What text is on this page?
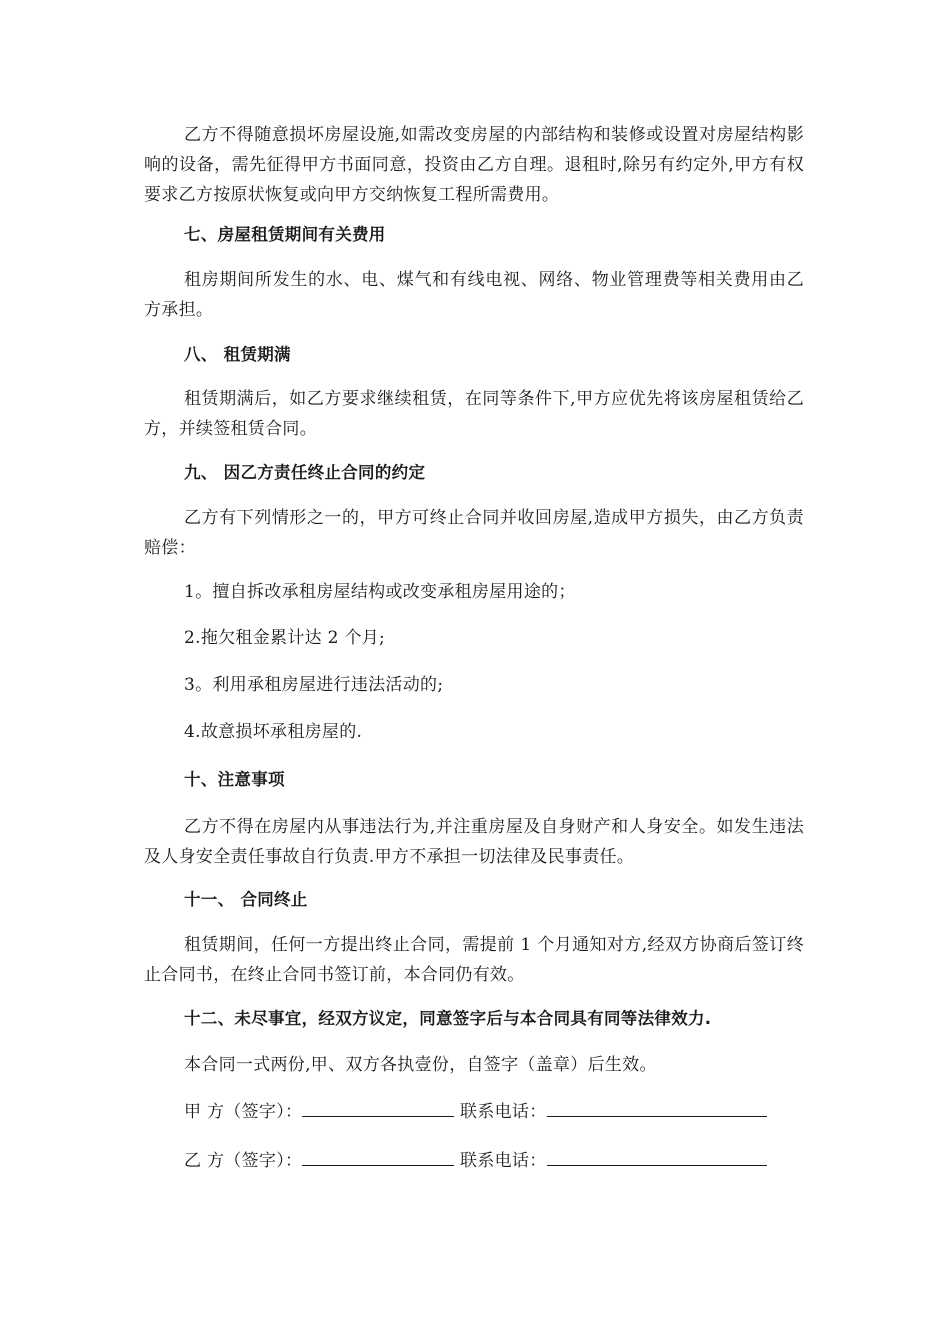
乙方不得随意损坏房屋设施,如需改变房屋的内部结构和装修或设置对房屋结构影响的设备，需先征得甲方书面同意，投资由乙方自理。退租时,除另有约定外,甲方有权要求乙方按原状恢复或向甲方交纳恢复工程所需费用。
七、房屋租赁期间有关费用
租房期间所发生的水、电、煤气和有线电视、网络、物业管理费等相关费用由乙方承担。
八、 租赁期满
租赁期满后，如乙方要求继续租赁，在同等条件下,甲方应优先将该房屋租赁给乙方，并续签租赁合同。
九、 因乙方责任终止合同的约定
乙方有下列情形之一的，甲方可终止合同并收回房屋,造成甲方损失，由乙方负责赔偿：
1。擅自拆改承租房屋结构或改变承租房屋用途的；
2.拖欠租金累计达 2 个月;
3。利用承租房屋进行违法活动的;
4.故意损坏承租房屋的.
十、注意事项
乙方不得在房屋内从事违法行为,并注重房屋及自身财产和人身安全。如发生违法及人身安全责任事故自行负责.甲方不承担一切法律及民事责任。
十一、 合同终止
租赁期间，任何一方提出终止合同，需提前 1 个月通知对方,经双方协商后签订终止合同书，在终止合同书签订前，本合同仍有效。
十二、未尽事宜，经双方议定，同意签字后与本合同具有同等法律效力.
本合同一式两份,甲、双方各执壹份，自签字（盖章）后生效。
甲 方（签字）：	联系电话：
乙 方（签字）：	联系电话：
